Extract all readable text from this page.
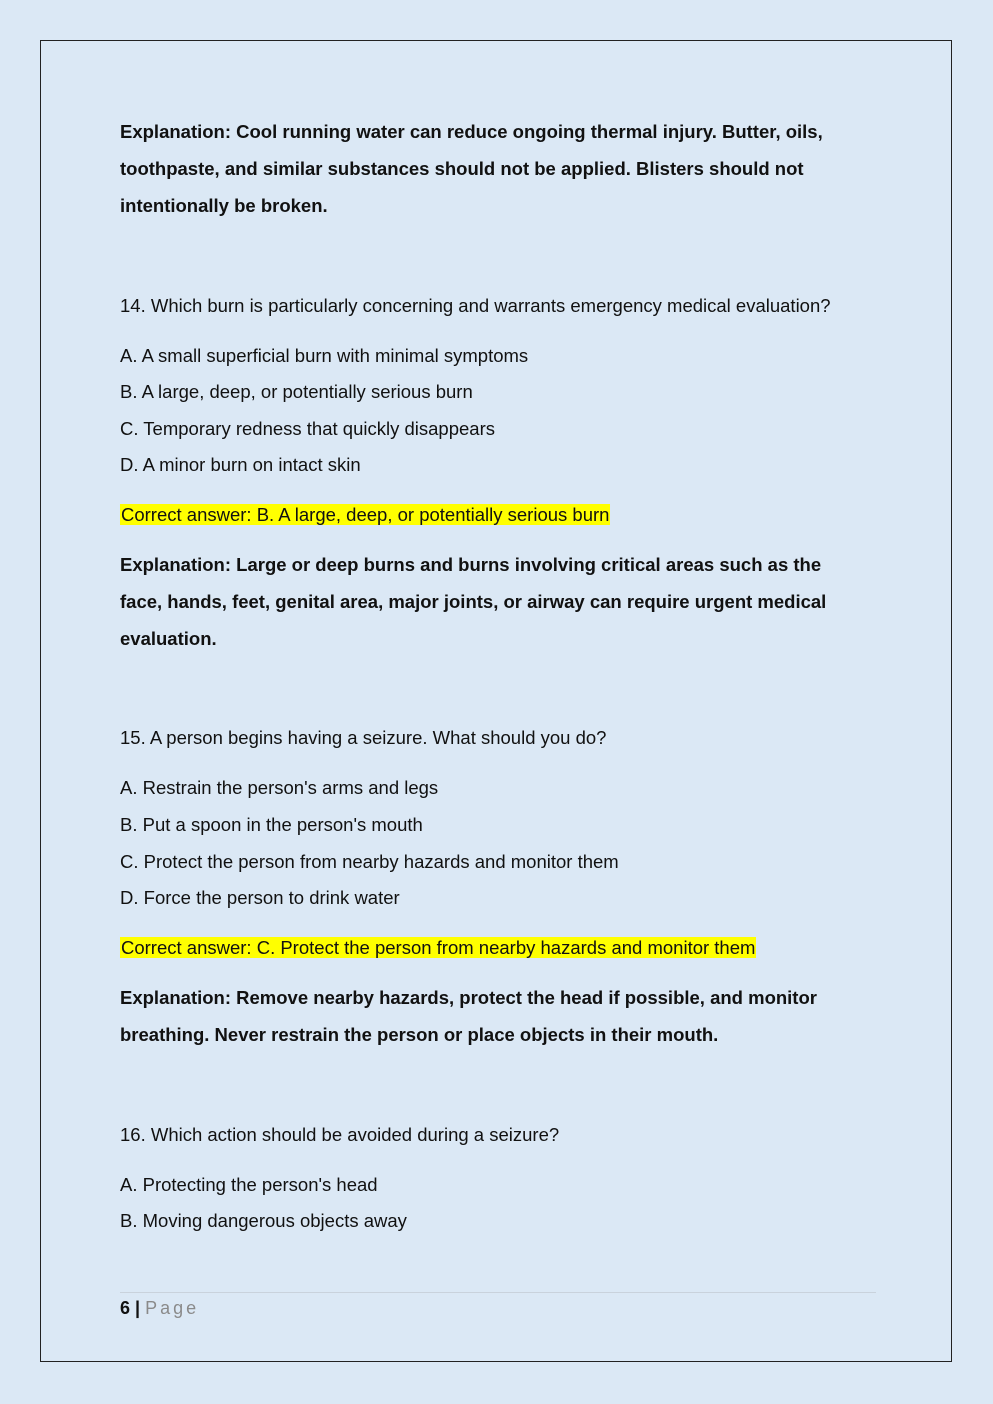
Explanation: Cool running water can reduce ongoing thermal injury. Butter, oils, toothpaste, and similar substances should not be applied. Blisters should not intentionally be broken.

14. Which burn is particularly concerning and warrants emergency medical evaluation?

A. A small superficial burn with minimal symptoms

B. A large, deep, or potentially serious burn

C. Temporary redness that quickly disappears

D. A minor burn on intact skin

Correct answer: B. A large, deep, or potentially serious burn

Explanation: Large or deep burns and burns involving critical areas such as the face, hands, feet, genital area, major joints, or airway can require urgent medical evaluation.

15. A person begins having a seizure. What should you do?

A. Restrain the person's arms and legs

B. Put a spoon in the person's mouth

C. Protect the person from nearby hazards and monitor them

D. Force the person to drink water

Correct answer: C. Protect the person from nearby hazards and monitor them

Explanation: Remove nearby hazards, protect the head if possible, and monitor breathing. Never restrain the person or place objects in their mouth.

16. Which action should be avoided during a seizure?

A. Protecting the person's head

B. Moving dangerous objects away

6 | Page
